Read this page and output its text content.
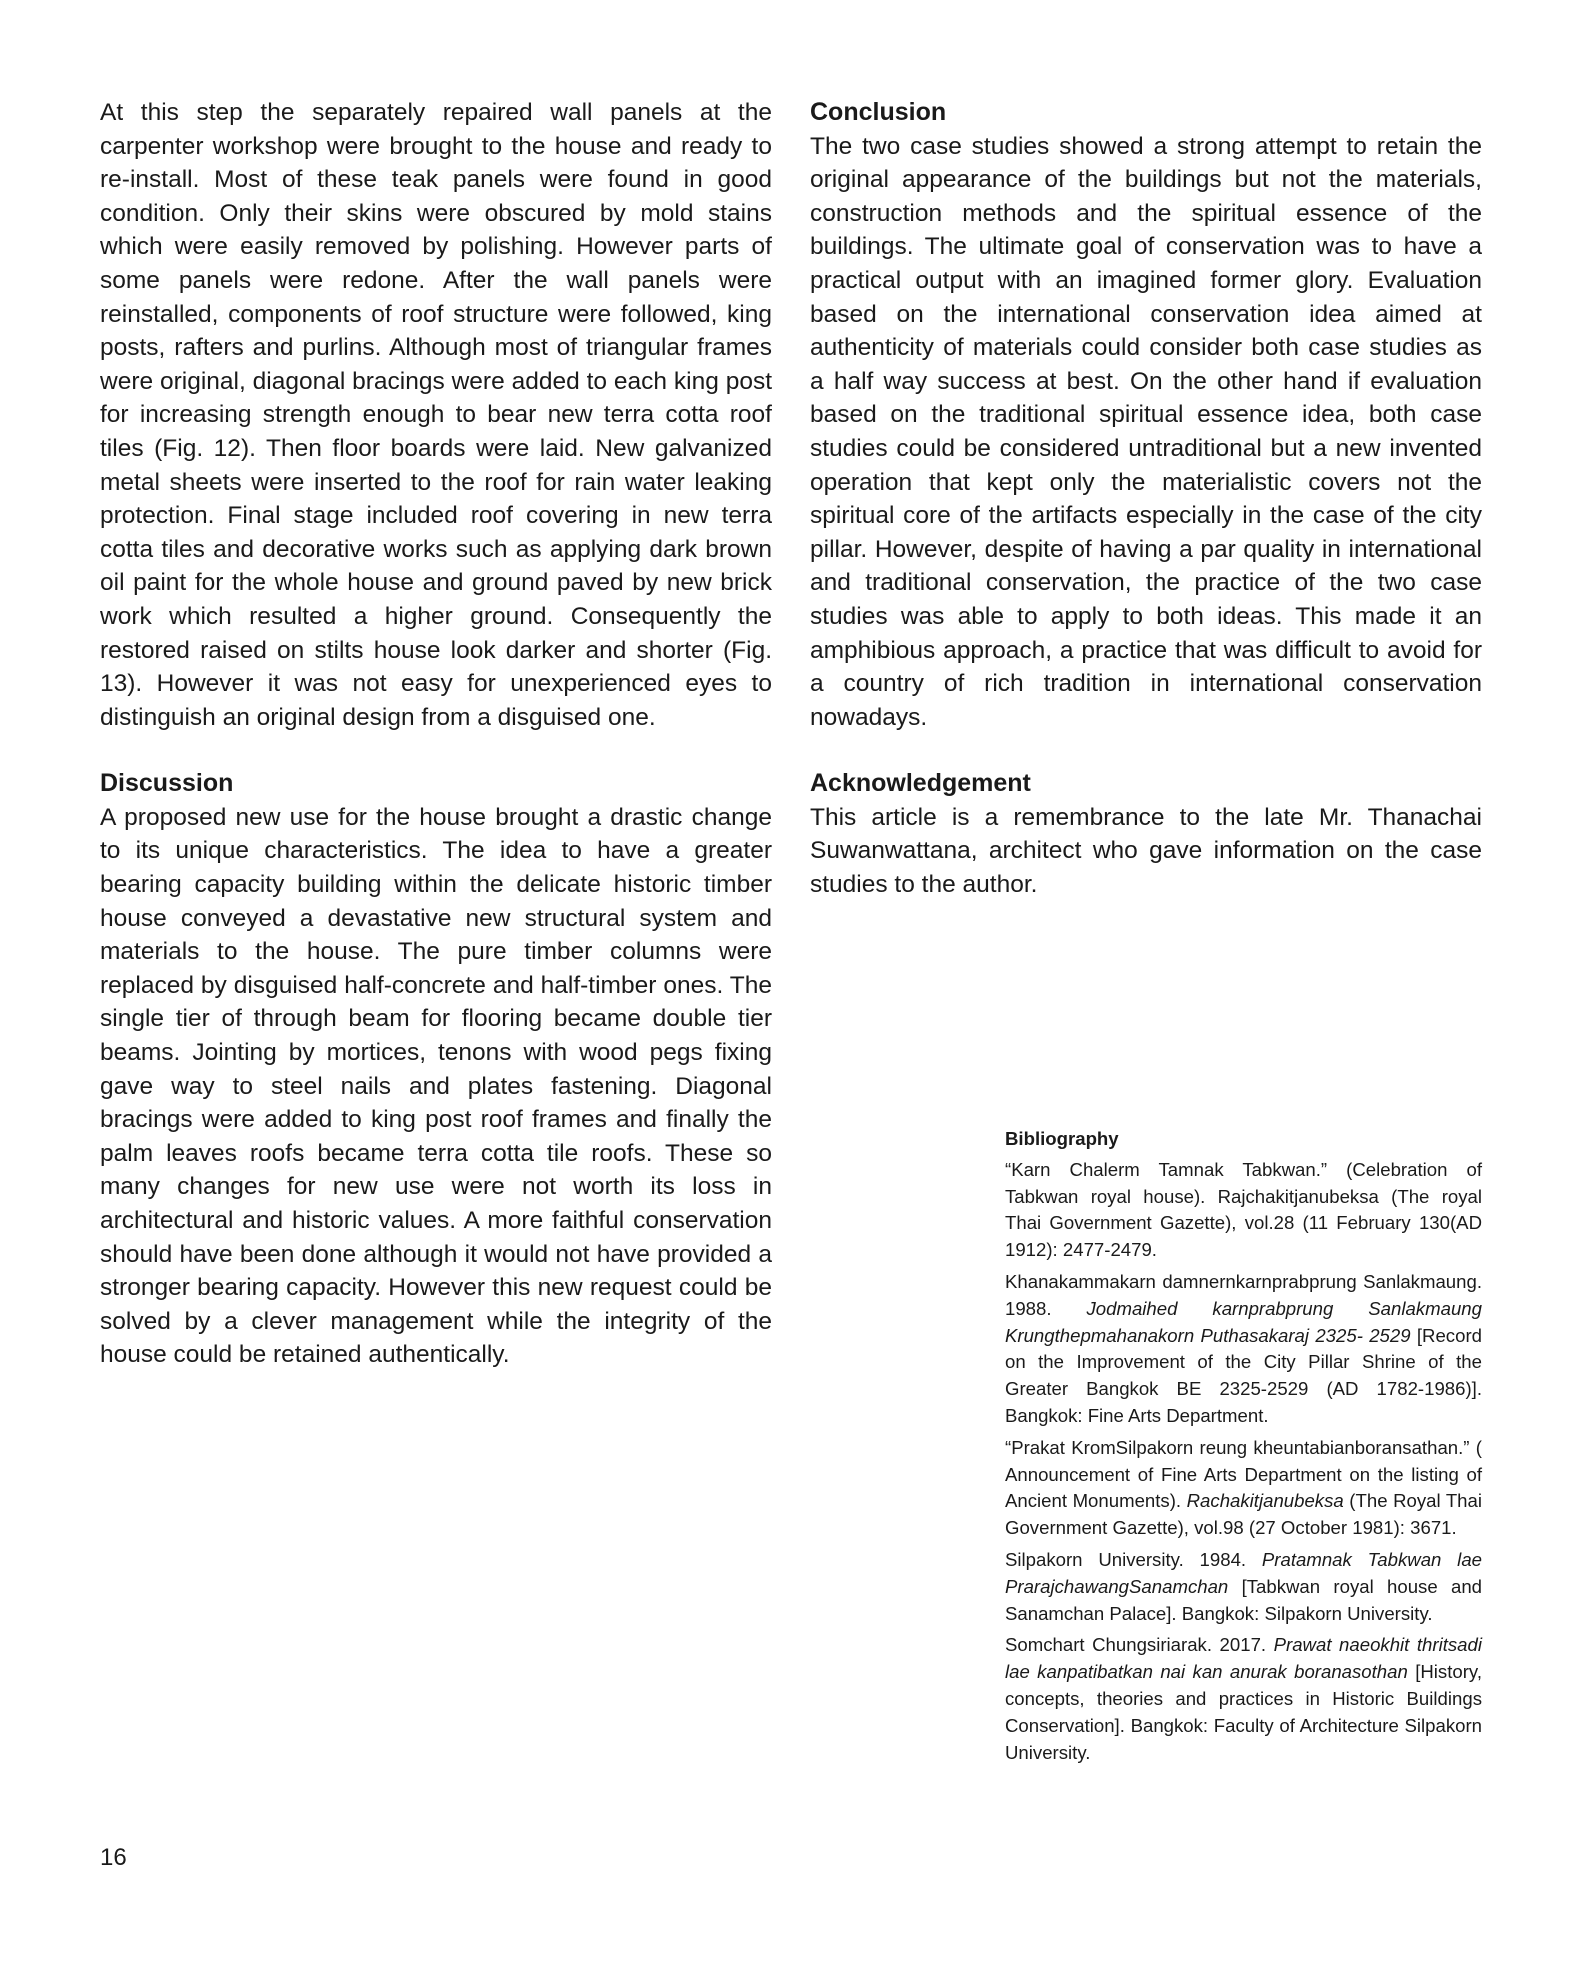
At this step the separately repaired wall panels at the carpenter workshop were brought to the house and ready to re-install. Most of these teak panels were found in good condition. Only their skins were obscured by mold stains which were easily removed by polishing. However parts of some panels were redone. After the wall panels were reinstalled, components of roof structure were followed, king posts, rafters and purlins. Although most of triangular frames were original, diagonal bracings were added to each king post for increasing strength enough to bear new terra cotta roof tiles (Fig. 12). Then floor boards were laid. New galvanized metal sheets were inserted to the roof for rain water leaking protection. Final stage included roof covering in new terra cotta tiles and decorative works such as applying dark brown oil paint for the whole house and ground paved by new brick work which resulted a higher ground. Consequently the restored raised on stilts house look darker and shorter (Fig. 13). However it was not easy for unexperienced eyes to distinguish an original design from a disguised one.

Discussion

A proposed new use for the house brought a drastic change to its unique characteristics. The idea to have a greater bearing capacity building within the delicate historic timber house conveyed a devastative new structural system and materials to the house. The pure timber columns were replaced by disguised half-concrete and half-timber ones. The single tier of through beam for flooring became double tier beams. Jointing by mortices, tenons with wood pegs fixing gave way to steel nails and plates fastening. Diagonal bracings were added to king post roof frames and finally the palm leaves roofs became terra cotta tile roofs. These so many changes for new use were not worth its loss in architectural and historic values. A more faithful conservation should have been done although it would not have provided a stronger bearing capacity. However this new request could be solved by a clever management while the integrity of the house could be retained authentically.

Conclusion

The two case studies showed a strong attempt to retain the original appearance of the buildings but not the materials, construction methods and the spiritual essence of the buildings. The ultimate goal of conservation was to have a practical output with an imagined former glory. Evaluation based on the international conservation idea aimed at authenticity of materials could consider both case studies as a half way success at best. On the other hand if evaluation based on the traditional spiritual essence idea, both case studies could be considered untraditional but a new invented operation that kept only the materialistic covers not the spiritual core of the artifacts especially in the case of the city pillar. However, despite of having a par quality in international and traditional conservation, the practice of the two case studies was able to apply to both ideas. This made it an amphibious approach, a practice that was difficult to avoid for a country of rich tradition in international conservation nowadays.

Acknowledgement

This article is a remembrance to the late Mr. Thanachai Suwanwattana, architect who gave information on the case studies to the author.

Bibliography

“Karn Chalerm Tamnak Tabkwan.” (Celebration of Tabkwan royal house). Rajchakitjanubeksa (The royal Thai Government Gazette), vol.28 (11 February 130(AD 1912): 2477-2479.

Khanakammakarn damnernkarnprabprung Sanlakmaung. 1988. Jodmaihed karnprabprung Sanlakmaung Krungthepmahanakorn Puthasakaraj 2325- 2529 [Record on the Improvement of the City Pillar Shrine of the Greater Bangkok BE 2325-2529 (AD 1782-1986)]. Bangkok: Fine Arts Department.

“Prakat KromSilpakorn reung kheuntabianboransathan.” ( Announcement of Fine Arts Department on the listing of Ancient Monuments). Rachakitjanubeksa (The Royal Thai Government Gazette), vol.98 (27 October 1981): 3671.

Silpakorn University. 1984. Pratamnak Tabkwan lae PrarajchawangSanamchan [Tabkwan royal house and Sanamchan Palace]. Bangkok: Silpakorn University.

Somchart Chungsiriarak. 2017. Prawat naeokhit thritsadi lae kanpatibatkan nai kan anurak boranasothan [History, concepts, theories and practices in Historic Buildings Conservation]. Bangkok: Faculty of Architecture Silpakorn University.

16
